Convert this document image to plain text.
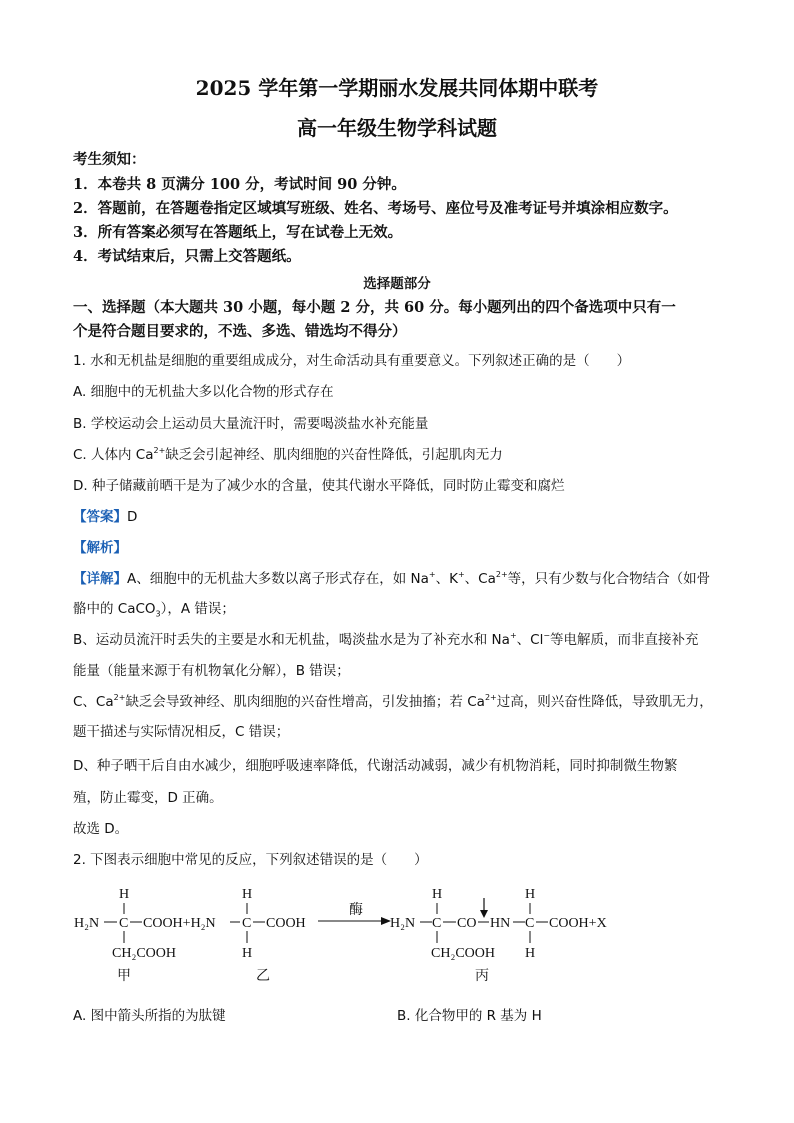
2025 学年第一学期丽水发展共同体期中联考
高一年级生物学科试题
考生须知：
1．本卷共 8 页满分 100 分，考试时间 90 分钟。
2．答题前，在答题卷指定区域填写班级、姓名、考场号、座位号及准考证号并填涂相应数字。
3．所有答案必须写在答题纸上，写在试卷上无效。
4．考试结束后，只需上交答题纸。
选择题部分
一、选择题（本大题共 30 小题，每小题 2 分，共 60 分。每小题列出的四个备选项中只有一
个是符合题目要求的，不选、多选、错选均不得分）
1. 水和无机盐是细胞的重要组成成分，对生命活动具有重要意义。下列叙述正确的是（　　）
A. 细胞中的无机盐大多以化合物的形式存在
B. 学校运动会上运动员大量流汗时，需要喝淡盐水补充能量
C. 人体内 $Ca^{2+}$缺乏会引起神经、肌肉细胞的兴奋性降低，引起肌肉无力
D. 种子储藏前晒干是为了减少水的含量，使其代谢水平降低，同时防止霉变和腐烂
【答案】D
【解析】
【详解】A、细胞中的无机盐大多数以离子形式存在，如 Na+、K+、$Ca^{2+}$等，只有少数与化合物结合（如骨
骼中的 CaCO$_3$），A 错误；
B、运动员流汗时丢失的主要是水和无机盐，喝淡盐水是为了补充水和 Na+、Cl−等电解质，而非直接补充
能量（能量来源于有机物氧化分解），B 错误；
C、$Ca^{2+}$缺乏会导致神经、肌肉细胞的兴奋性增高，引发抽搐；若 $Ca^{2+}$过高，则兴奋性降低，导致肌无力，
题干描述与实际情况相反，C 错误；
D、种子晒干后自由水减少，细胞呼吸速率降低，代谢活动减弱，减少有机物消耗，同时抑制微生物繁
殖，防止霉变，D 正确。
故选 D。
2. 下图表示细胞中常见的反应，下列叙述错误的是（　　）
H
H₂N C COOH+H₂N
CH₂COOH
甲
H
C COOH
H
乙
酶
H₂N
H
C CO
CH₂COOH
HN
H
C COOH+X
H
丙
A. 图中箭头所指的为肽键	B. 化合物甲的 R 基为 H
